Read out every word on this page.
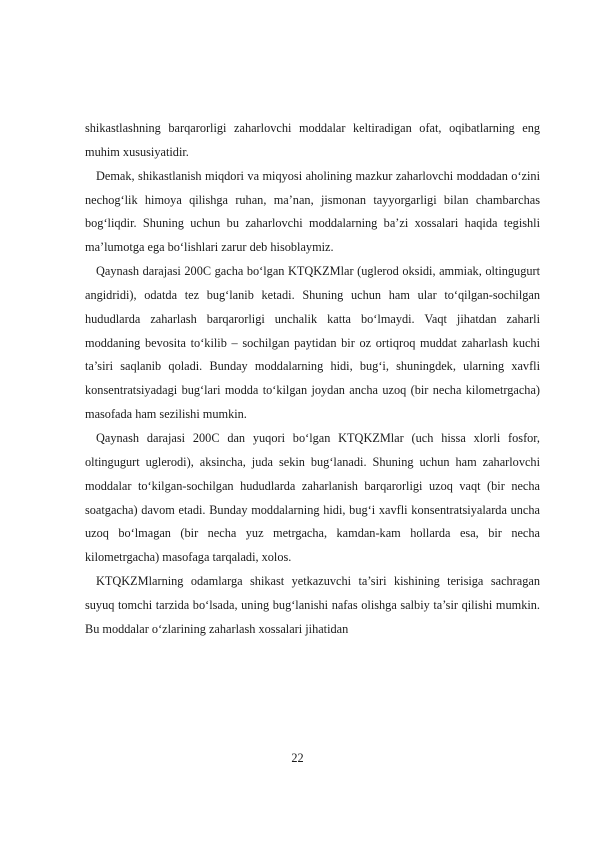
shikastlashning barqarorligi zaharlovchi moddalar keltiradigan ofat, oqibatlarning eng muhim xususiyatidir.

Demak, shikastlanish miqdori va miqyosi aholining mazkur zaharlovchi moddadan o‘zini nechog‘lik himoya qilishga ruhan, ma’nan, jismonan tayyorgarligi bilan chambarchas bog‘liqdir. Shuning uchun bu zaharlovchi moddalarning ba’zi xossalari haqida tegishli ma’lumotga ega bo‘lishlari zarur deb hisoblaymiz.

Qaynash darajasi 200C gacha bo‘lgan KTQKZMlar (uglerod oksidi, ammiak, oltingugurt angidridi), odatda tez bug‘lanib ketadi. Shuning uchun ham ular to‘qilgan-sochilgan hududlarda zaharlash barqarorligi unchalik katta bo‘lmaydi. Vaqt jihatdan zaharli moddaning bevosita to‘kilib – sochilgan paytidan bir oz ortiqroq muddat zaharlash kuchi ta’siri saqlanib qoladi. Bunday moddalarning hidi, bug‘i, shuningdek, ularning xavfli konsentratsiyadagi bug‘lari modda to‘kilgan joydan ancha uzoq (bir necha kilometrgacha) masofada ham sezilishi mumkin.

Qaynash darajasi 200C dan yuqori bo‘lgan KTQKZMlar (uch hissa xlorli fosfor, oltingugurt uglerodi), aksincha, juda sekin bug‘lanadi. Shuning uchun ham zaharlovchi moddalar to‘kilgan-sochilgan hududlarda zaharlanish barqarorligi uzoq vaqt (bir necha soatgacha) davom etadi. Bunday moddalarning hidi, bug‘i xavfli konsentratsiyalarda uncha uzoq bo‘lmagan (bir necha yuz metrgacha, kamdan-kam hollarda esa, bir necha kilometrgacha) masofaga tarqaladi, xolos.

KTQKZMlarning odamlarga shikast yetkazuvchi ta’siri kishining terisiga sachragan suyuq tomchi tarzida bo‘lsada, uning bug‘lanishi nafas olishga salbiy ta’sir qilishi mumkin. Bu moddalar o‘zlarining zaharlash xossalari jihatidan

22
